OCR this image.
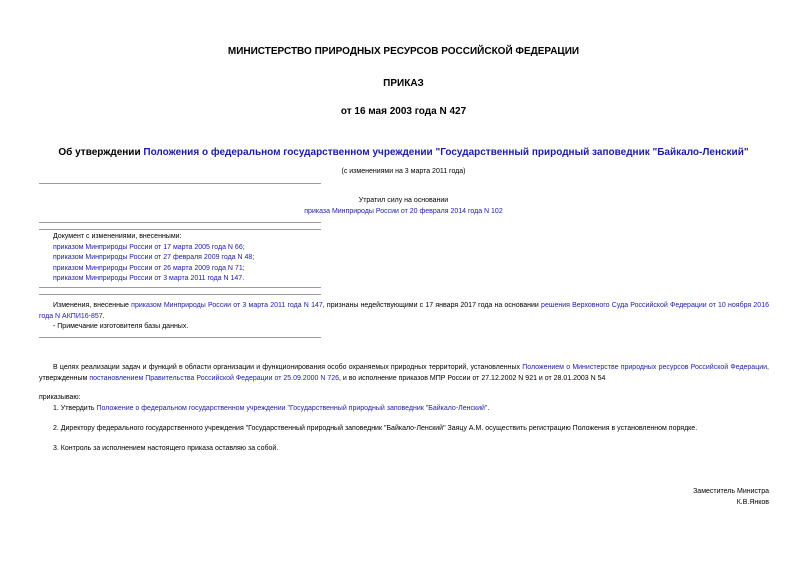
МИНИСТЕРСТВО ПРИРОДНЫХ РЕСУРСОВ РОССИЙСКОЙ ФЕДЕРАЦИИ
ПРИКАЗ
от 16 мая 2003 года N 427
Об утверждении Положения о федеральном государственном учреждении "Государственный природный заповедник "Байкало-Ленский"
(с изменениями на 3 марта 2011 года)
Утратил силу на основании
приказа Минприроды России от 20 февраля 2014 года N 102
Документ с изменениями, внесенными:
приказом Минприроды России от 17 марта 2005 года N 66;
приказом Минприроды России от 27 февраля 2009 года N 48;
приказом Минприроды России от 26 марта 2009 года N 71;
приказом Минприроды России от 3 марта 2011 года N 147.
Изменения, внесенные приказом Минприроды России от 3 марта 2011 года N 147, признаны недействующими с 17 января 2017 года на основании решения Верховного Суда Российской Федерации от 10 ноября 2016 года N АКПИ16-857.
- Примечание изготовителя базы данных.
В целях реализации задач и функций в области организации и функционирования особо охраняемых природных территорий, установленных Положением о Министерстве природных ресурсов Российской Федерации, утвержденным постановлением Правительства Российской Федерации от 25.09.2000 N 726, и во исполнение приказов МПР России от 27.12.2002 N 921 и от 28.01.2003 N 54
приказываю:
1. Утвердить Положение о федеральном государственном учреждении "Государственный природный заповедник "Байкало-Ленский".
2. Директору федерального государственного учреждения "Государственный природный заповедник "Байкало-Ленский" Заяцу А.М. осуществить регистрацию Положения в установленном порядке.
3. Контроль за исполнением настоящего приказа оставляю за собой.
Заместитель Министра
К.В.Янков
